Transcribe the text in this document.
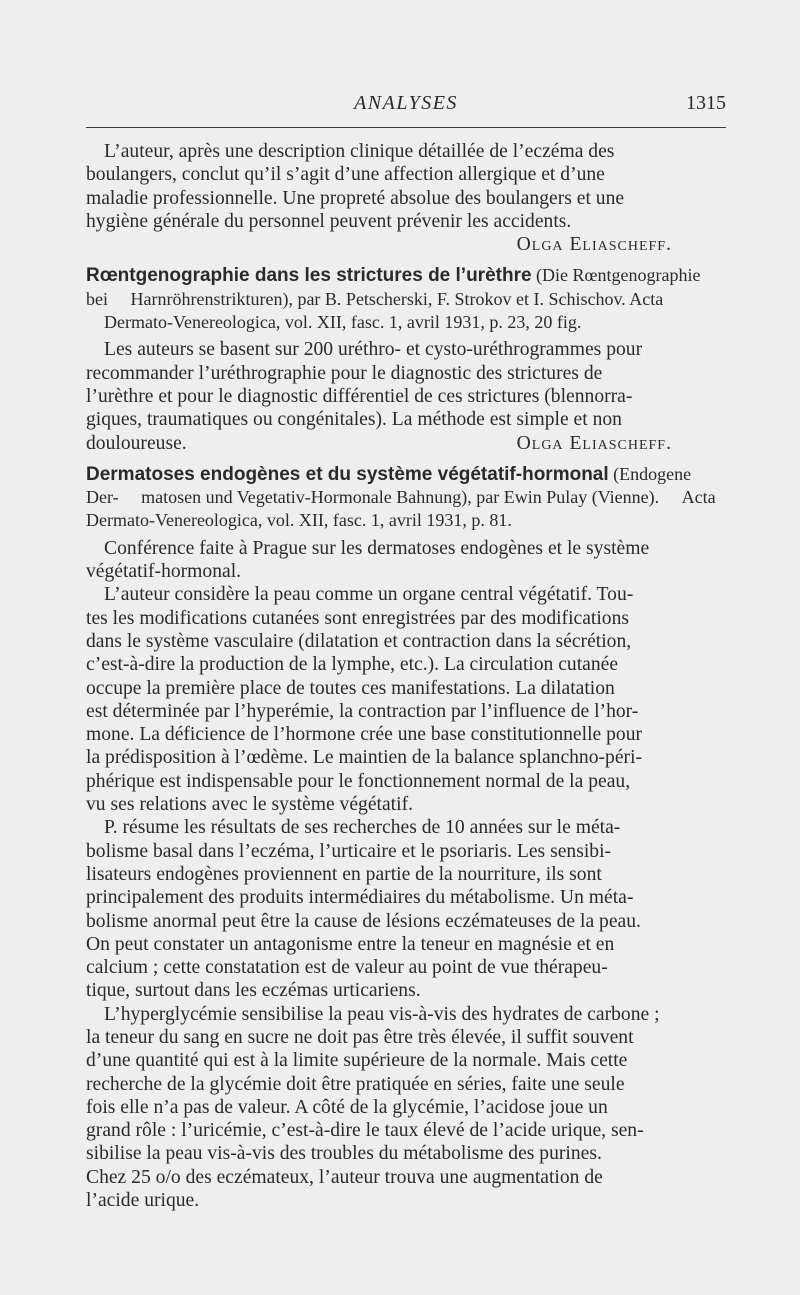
ANALYSES	1315
L’auteur, après une description clinique détaillée de l’eczéma des
boulangers, conclut qu’il s’agit d’une affection allergique et d’une
maladie professionnelle. Une propreté absolue des boulangers et une
hygiène générale du personnel peuvent prévenir les accidents.
Olga Eliascheff.
Rœntgenographie dans les strictures de l’urèthre (Die Rœntgenographie bei Harnröhrenstrikturen), par B. Petscherski, F. Strokov et I. Schischov. Acta Dermato-Venereologica, vol. XII, fasc. 1, avril 1931, p. 23, 20 fig.
Les auteurs se basent sur 200 uréthro- et cysto-uréthrogrammes pour
recommander l’uréthrographie pour le diagnostic des strictures de
l’urèthre et pour le diagnostic différentiel de ces strictures (blennorra-
giques, traumatiques ou congénitales). La méthode est simple et non
douloureuse.	Olga Eliascheff.
Dermatoses endogènes et du système végétatif-hormonal (Endogene Der- matosen und Vegetativ-Hormonale Bahnung), par Ewin Pulay (Vienne). Acta Dermato-Venereologica, vol. XII, fasc. 1, avril 1931, p. 81.
Conférence faite à Prague sur les dermatoses endogènes et le système
végétatif-hormonal.
L’auteur considère la peau comme un organe central végétatif. Tou-
tes les modifications cutanées sont enregistrées par des modifications
dans le système vasculaire (dilatation et contraction dans la sécrétion,
c’est-à-dire la production de la lymphe, etc.). La circulation cutanée
occupe la première place de toutes ces manifestations. La dilatation
est déterminée par l’hyperémie, la contraction par l’influence de l’hor-
mone. La déficience de l’hormone crée une base constitutionnelle pour
la prédisposition à l’œdème. Le maintien de la balance splanchno-péri-
phérique est indispensable pour le fonctionnement normal de la peau,
vu ses relations avec le système végétatif.
P. résume les résultats de ses recherches de 10 années sur le méta-
bolisme basal dans l’eczéma, l’urticaire et le psoriaris. Les sensibi-
lisateurs endogènes proviennent en partie de la nourriture, ils sont
principalement des produits intermédiaires du métabolisme. Un méta-
bolisme anormal peut être la cause de lésions eczémateuses de la peau.
On peut constater un antagonisme entre la teneur en magnésie et en
calcium ; cette constatation est de valeur au point de vue thérapeu-
tique, surtout dans les eczémas urticariens.
L’hyperglycémie sensibilise la peau vis-à-vis des hydrates de carbone ;
la teneur du sang en sucre ne doit pas être très élevée, il suffit souvent
d’une quantité qui est à la limite supérieure de la normale. Mais cette
recherche de la glycémie doit être pratiquée en séries, faite une seule
fois elle n’a pas de valeur. A côté de la glycémie, l’acidose joue un
grand rôle : l’uricémie, c’est-à-dire le taux élevé de l’acide urique, sen-
sibilise la peau vis-à-vis des troubles du métabolisme des purines.
Chez 25 o/o des eczémateux, l’auteur trouva une augmentation de
l’acide urique.
